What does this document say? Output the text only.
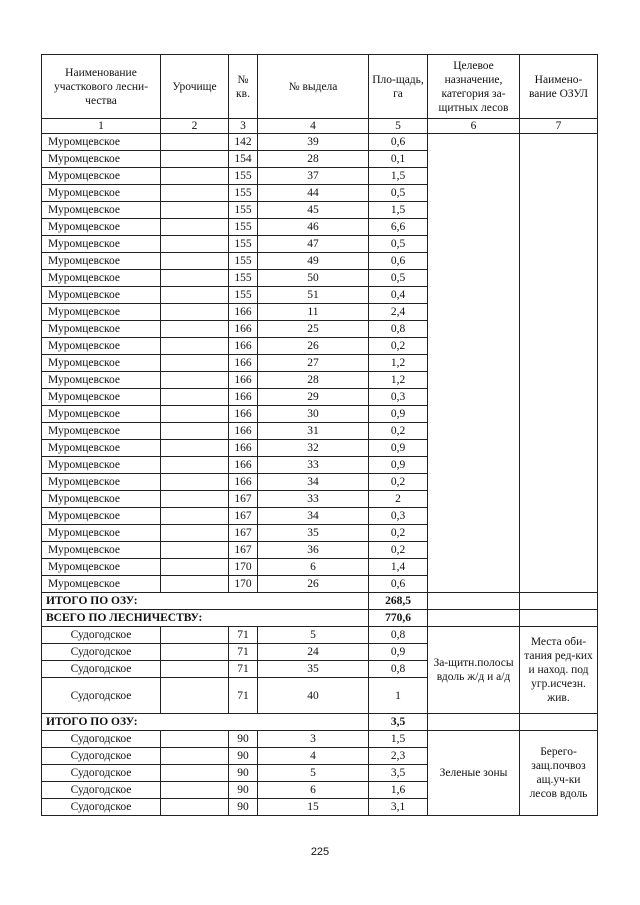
Наименование участкового лесни-чества	Урочище	№ кв.	№ выдела	Пло-щадь, га	Целевое назначение, категория за-щитных лесов	Наимено-вание ОЗУЛ
1	2	3	4	5	6	7
Муромцевское		142	39	0,6		
Муромцевское		154	28	0,1		
Муромцевское		155	37	1,5		
Муромцевское		155	44	0,5		
Муромцевское		155	45	1,5		
Муромцевское		155	46	6,6		
Муромцевское		155	47	0,5		
Муромцевское		155	49	0,6		
Муромцевское		155	50	0,5		
Муромцевское		155	51	0,4		
Муромцевское		166	11	2,4		
Муромцевское		166	25	0,8		
Муромцевское		166	26	0,2		
Муромцевское		166	27	1,2		
Муромцевское		166	28	1,2		
Муромцевское		166	29	0,3		
Муромцевское		166	30	0,9		
Муромцевское		166	31	0,2		
Муромцевское		166	32	0,9		
Муромцевское		166	33	0,9		
Муромцевское		166	34	0,2		
Муромцевское		167	33	2		
Муромцевское		167	34	0,3		
Муромцевское		167	35	0,2		
Муромцевское		167	36	0,2		
Муромцевское		170	6	1,4		
Муромцевское		170	26	0,6		
ИТОГО ПО ОЗУ:				268,5		
ВСЕГО ПО ЛЕСНИЧЕСТВУ:				770,6		
Судогодское		71	5	0,8	За-щитн.полосы вдоль ж/д и а/д	Места оби-тания ред-ких и наход. под угр.исчезн. жив.
Судогодское		71	24	0,9		
Судогодское		71	35	0,8		
Судогодское		71	40	1		
ИТОГО ПО ОЗУ:				3,5		
Судогодское		90	3	1,5	Зеленые зоны	Берего-защ.почвоз ащ.уч-ки лесов вдоль
Судогодское		90	4	2,3		
Судогодское		90	5	3,5		
Судогодское		90	6	1,6		
Судогодское		90	15	3,1		
225
